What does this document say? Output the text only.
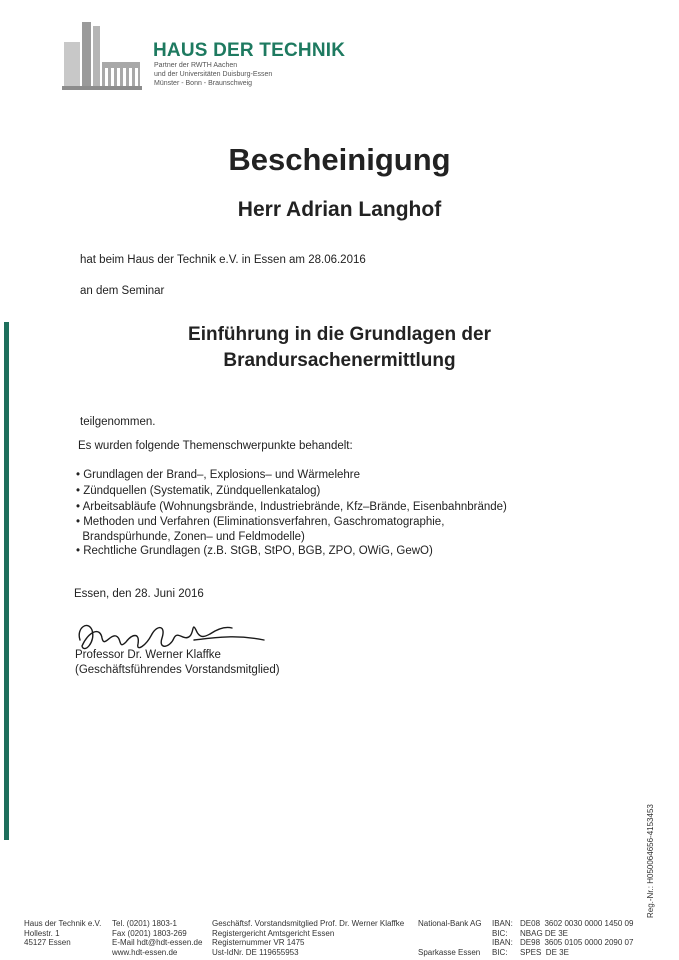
HAUS DER TECHNIK
Partner der RWTH Aachen
und der Universitäten Duisburg-Essen
Münster - Bonn - Braunschweig
Bescheinigung
Herr Adrian Langhof
hat beim Haus der Technik e.V. in Essen am 28.06.2016
an dem Seminar
Einführung in die Grundlagen der
Brandursachenermittlung
teilgenommen.
Es wurden folgende Themenschwerpunkte behandelt:
• Grundlagen der Brand–, Explosions– und Wärmelehre
• Zündquellen (Systematik, Zündquellenkatalog)
• Arbeitsabläufe (Wohnungsbrände, Industriebrände, Kfz–Brände, Eisenbahnbrände)
• Methoden und Verfahren (Eliminationsverfahren, Gaschromatographie,
Brandspürhunde, Zonen– und Feldmodelle)
• Rechtliche Grundlagen (z.B. StGB, StPO, BGB, ZPO, OWiG, GewO)
Essen, den 28. Juni 2016
Professor Dr. Werner Klaffke
(Geschäftsführendes Vorstandsmitglied)
Reg.-Nr.: H050064656-4153453
Haus der Technik e.V.
Hollestr. 1
45127 Essen
Tel. (0201) 1803-1
Fax (0201) 1803-269
E-Mail hdt@hdt-essen.de
www.hdt-essen.de
Geschäftsf. Vorstandsmitglied Prof. Dr. Werner Klaffke
Registergericht Amtsgericht Essen
Registernummer VR 1475
Ust-IdNr. DE 119655953
National-Bank AG

Sparkasse Essen
IBAN:
BIC:
IBAN:
BIC:
DE08  3602 0030 0000 1450 09
NBAG DE 3E
DE98  3605 0105 0000 2090 07
SPES  DE 3E
